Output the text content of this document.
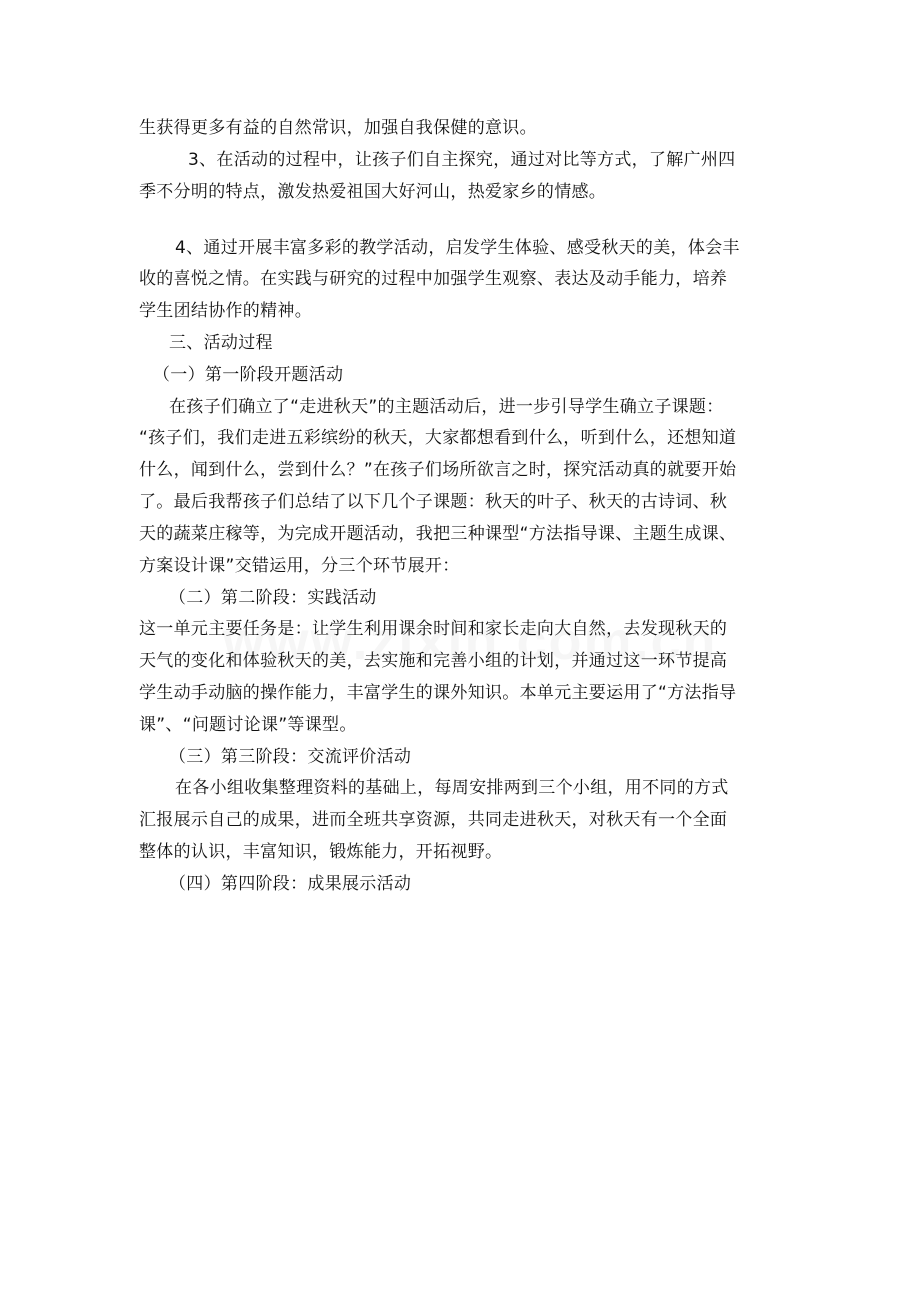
生获得更多有益的自然常识，加强自我保健的意识。
3、在活动的过程中，让孩子们自主探究，通过对比等方式，了解广州四
季不分明的特点，激发热爱祖国大好河山，热爱家乡的情感。
4、通过开展丰富多彩的教学活动，启发学生体验、感受秋天的美，体会丰
收的喜悦之情。在实践与研究的过程中加强学生观察、表达及动手能力，培养
学生团结协作的精神。
三、活动过程
（一）第一阶段开题活动
在孩子们确立了“走进秋天”的主题活动后，进一步引导学生确立子课题：
“孩子们，我们走进五彩缤纷的秋天，大家都想看到什么，听到什么，还想知道
什么，闻到什么，尝到什么？”在孩子们场所欲言之时，探究活动真的就要开始
了。最后我帮孩子们总结了以下几个子课题：秋天的叶子、秋天的古诗词、秋
天的蔬菜庄稼等，为完成开题活动，我把三种课型“方法指导课、主题生成课、
方案设计课”交错运用，分三个环节展开：
（二）第二阶段：实践活动
这一单元主要任务是：让学生利用课余时间和家长走向大自然，去发现秋天的
天气的变化和体验秋天的美，去实施和完善小组的计划，并通过这一环节提高
学生动手动脑的操作能力，丰富学生的课外知识。本单元主要运用了“方法指导
课”、“问题讨论课”等课型。
（三）第三阶段：交流评价活动
在各小组收集整理资料的基础上，每周安排两到三个小组，用不同的方式
汇报展示自己的成果，进而全班共享资源，共同走进秋天，对秋天有一个全面
整体的认识，丰富知识，锻炼能力，开拓视野。
（四）第四阶段：成果展示活动
